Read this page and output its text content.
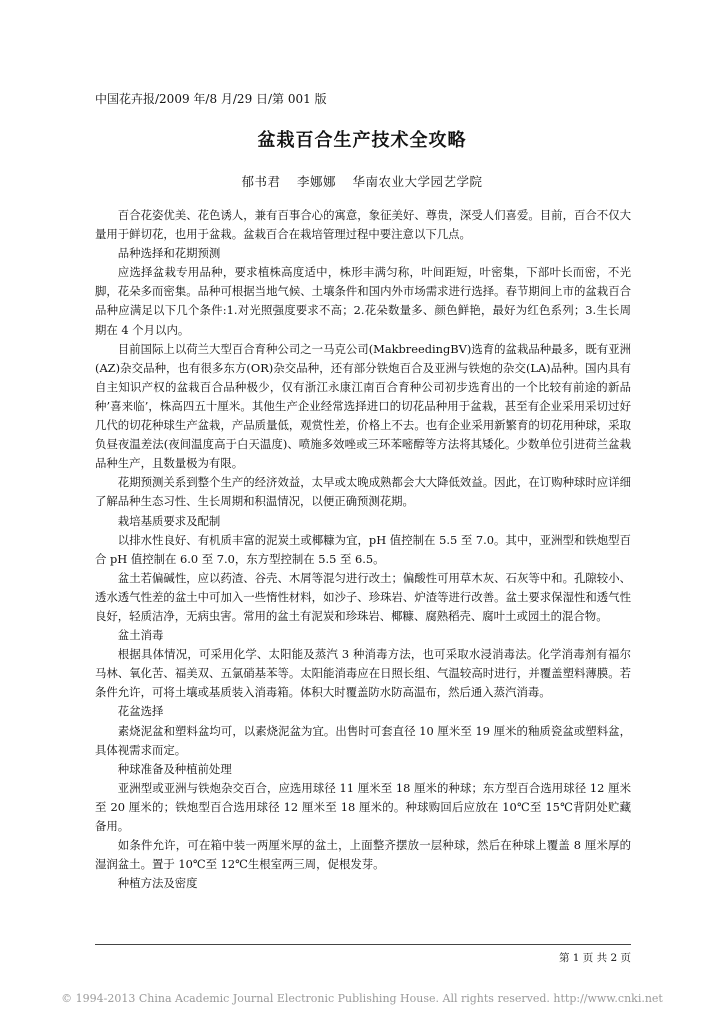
中国花卉报/2009 年/8 月/29 日/第 001 版
盆栽百合生产技术全攻略
郁书君 李娜娜 华南农业大学园艺学院

百合花姿优美、花色诱人，兼有百事合心的寓意，象征美好、尊贵，深受人们喜爱。目前，百合不仅大量用于鲜切花，也用于盆栽。盆栽百合在栽培管理过程中要注意以下几点。

品种选择和花期预测

应选择盆栽专用品种，要求植株高度适中，株形丰满匀称，叶间距短，叶密集，下部叶长而密，不光脚，花朵多而密集。品种可根据当地气候、土壤条件和国内外市场需求进行选择。春节期间上市的盆栽百合品种应满足以下几个条件:1.对光照强度要求不高；2.花朵数量多、颜色鲜艳，最好为红色系列；3.生长周期在 4 个月以内。

目前国际上以荷兰大型百合育种公司之一马克公司(MakbreedingBV)选育的盆栽品种最多，既有亚洲(AZ)杂交品种，也有很多东方(OR)杂交品种，还有部分铁炮百合及亚洲与铁炮的杂交(LA)品种。国内具有自主知识产权的盆栽百合品种极少，仅有浙江永康江南百合育种公司初步选育出的一个比较有前途的新品种’喜来临’，株高四五十厘米。其他生产企业经常选择进口的切花品种用于盆栽，甚至有企业采用采切过好几代的切花种球生产盆栽，产品质量低，观赏性差，价格上不去。也有企业采用新繁育的切花用种球，采取负昼夜温差法(夜间温度高于白天温度)、喷施多效唑或三环苯嘧醇等方法将其矮化。少数单位引进荷兰盆栽品种生产，且数量极为有限。

花期预测关系到整个生产的经济效益，太早或太晚成熟都会大大降低效益。因此，在订购种球时应详细了解品种生态习性、生长周期和积温情况，以便正确预测花期。

栽培基质要求及配制

以排水性良好、有机质丰富的泥炭土或椰糠为宜，pH 值控制在 5.5 至 7.0。其中，亚洲型和铁炮型百合 pH 值控制在 6.0 至 7.0，东方型控制在 5.5 至 6.5。

盆土若偏碱性，应以药渣、谷壳、木屑等混匀进行改土；偏酸性可用草木灰、石灰等中和。孔隙较小、透水透气性差的盆土中可加入一些惰性材料，如沙子、珍珠岩、炉渣等进行改善。盆土要求保湿性和透气性良好，轻质洁净，无病虫害。常用的盆土有泥炭和珍珠岩、椰糠、腐熟稻壳、腐叶土或园土的混合物。

盆土消毒

根据具体情况，可采用化学、太阳能及蒸汽 3 种消毒方法，也可采取水浸消毒法。化学消毒剂有福尔马林、氧化苦、福美双、五氯硝基苯等。太阳能消毒应在日照长组、气温较高时进行，并覆盖塑料薄膜。若条件允许，可将土壤或基质装入消毒箱。体积大时覆盖防水防高温布，然后通入蒸汽消毒。

花盆选择

素烧泥盆和塑料盆均可，以素烧泥盆为宜。出售时可套直径 10 厘米至 19 厘米的釉质瓷盆或塑料盆，具体视需求而定。

种球准备及种植前处理

亚洲型或亚洲与铁炮杂交百合，应选用球径 11 厘米至 18 厘米的种球；东方型百合选用球径 12 厘米至 20 厘米的；铁炮型百合选用球径 12 厘米至 18 厘米的。种球购回后应放在 10℃至 15℃背阴处贮藏备用。

如条件允许，可在箱中装一两厘米厚的盆土，上面整齐摆放一层种球，然后在种球上覆盖 8 厘米厚的湿润盆土。置于 10℃至 12℃生根室两三周，促根发芽。

种植方法及密度

第 1 页 共 2 页
© 1994-2013 China Academic Journal Electronic Publishing House. All rights reserved. http://www.cnki.net
